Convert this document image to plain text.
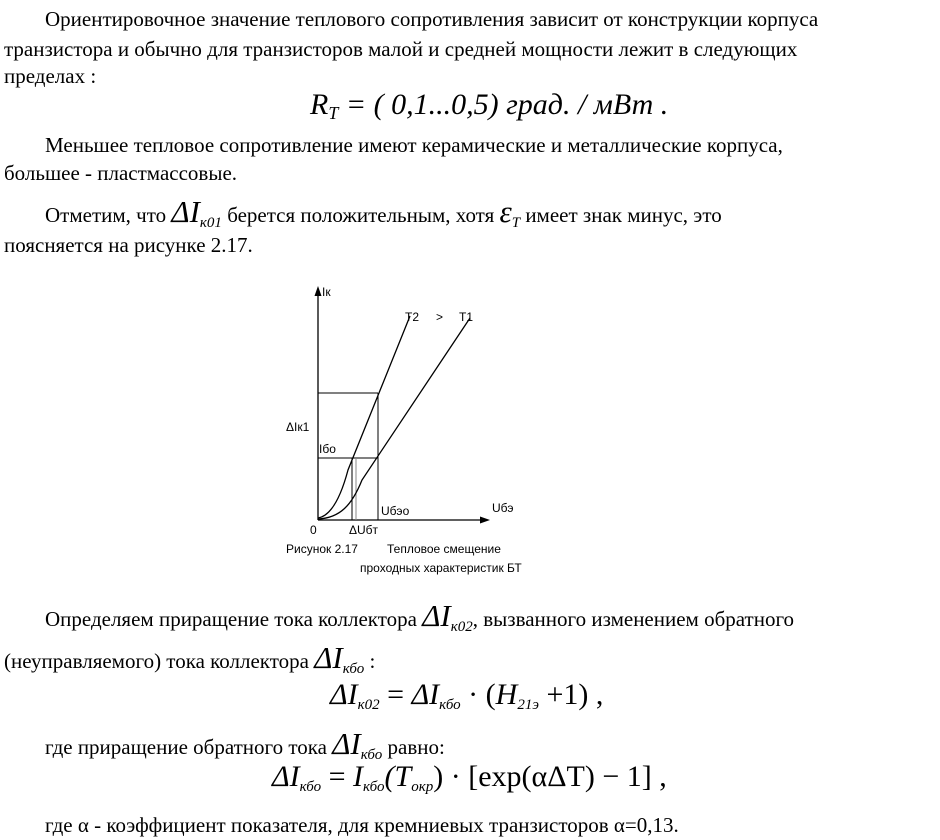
Ориентировочное значение теплового сопротивления зависит от конструкции корпуса
транзистора и обычно для транзисторов малой и средней мощности лежит в следующих
пределах :
$R_Т$ = ( 0,1...0,5) град. / мВт .
Меньшее тепловое сопротивление имеют керамические и металлические корпуса,
большее - пластмассовые.
Отметим, что $\Delta I_{к01}$ берется положительным, хотя $\varepsilon_Т$ имеет знак минус, это
поясняется на рисунке 2.17.
Iк
Uбэ
T2 > T1
ΔIк1
Iбо
0	ΔUбт
Uбэо
Рисунок 2.17 Тепловое смещение
проходных характеристик БТ
Определяем приращение тока коллектора $\Delta I_{к02}$, вызванного изменением обратного
(неуправляемого) тока коллектора $\Delta I_{кбо}$ :
$\Delta I_{к02} = \Delta I_{кбо} \cdot (H_{21э} +1)$ ,
где приращение обратного тока $\Delta I_{кбо}$ равно:
$\Delta I_{кбо} = I_{кбо}(T_{окр}) \cdot [\exp(\alpha\Delta T) - 1]$ ,
где α - коэффициент показателя, для кремниевых транзисторов α=0,13.
